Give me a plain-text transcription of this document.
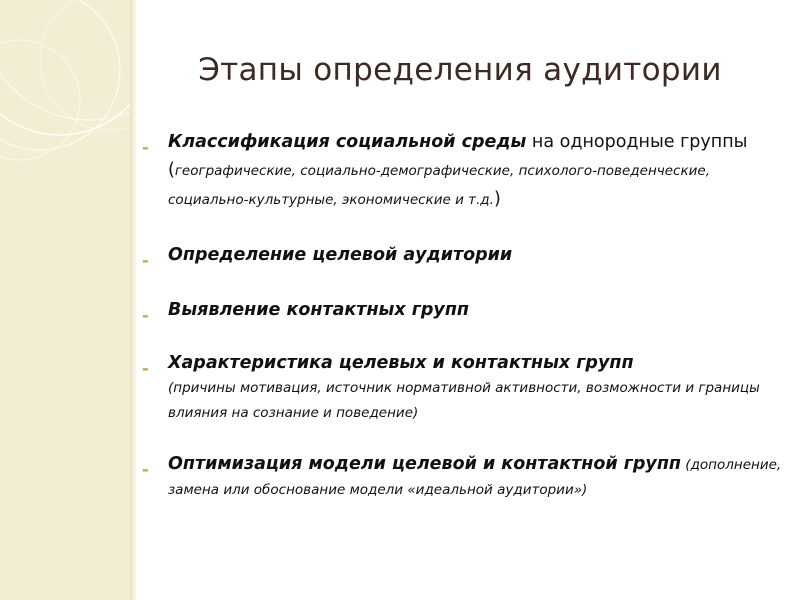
Этапы определения аудитории
- Классификация социальной среды на однородные группы (географические, социально-демографические, психолого-поведенческие, социально-культурные, экономические и т.д.)
- Определение целевой аудитории
- Выявление контактных групп
- Характеристика целевых и контактных групп
(причины мотивация, источник нормативной активности, возможности и границы влияния на сознание и поведение)
- Оптимизация модели целевой и контактной групп (дополнение, замена или обоснование модели «идеальной аудитории»)
